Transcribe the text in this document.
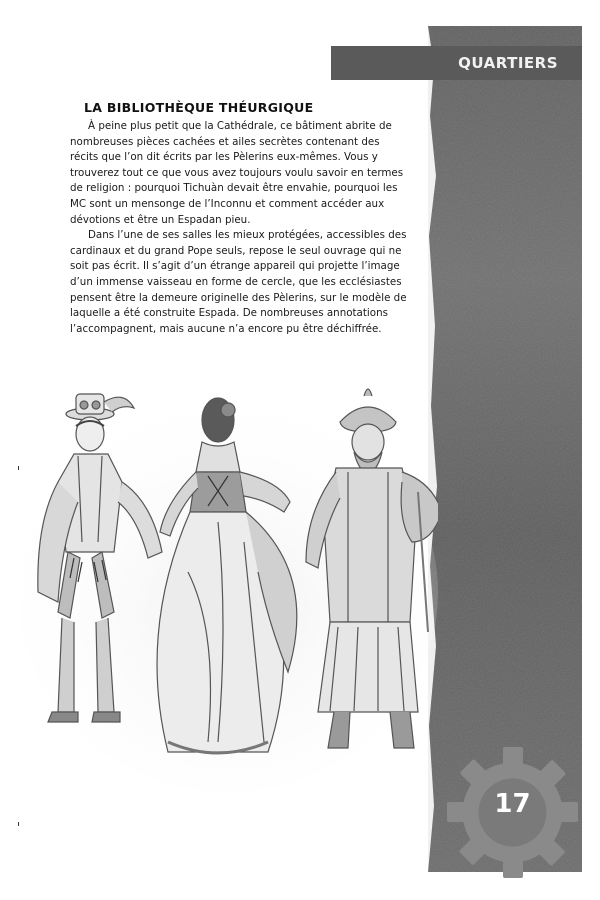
QUARTIERS
LA BIBLIOTHÈQUE THÉURGIQUE

À peine plus petit que la Cathédrale, ce bâtiment abrite de nombreuses pièces cachées et ailes secrètes contenant des récits que l’on dit écrits par les Pèlerins eux-mêmes. Vous y trouverez tout ce que vous avez toujours voulu savoir en termes de religion : pourquoi Tichuàn devait être envahie, pourquoi les MC sont un mensonge de l’Inconnu et comment accéder aux dévotions et être un Espadan pieu.

Dans l’une de ses salles les mieux protégées, accessibles des cardinaux et du grand Pope seuls, repose le seul ouvrage qui ne soit pas écrit. Il s’agit d’un étrange appareil qui projette l’image d’un immense vaisseau en forme de cercle, que les ecclésiastes pensent être la demeure originelle des Pèlerins, sur le modèle de laquelle a été construite Espada. De nombreuses annotations l’accompagnent, mais aucune n’a encore pu être déchiffrée.

17
